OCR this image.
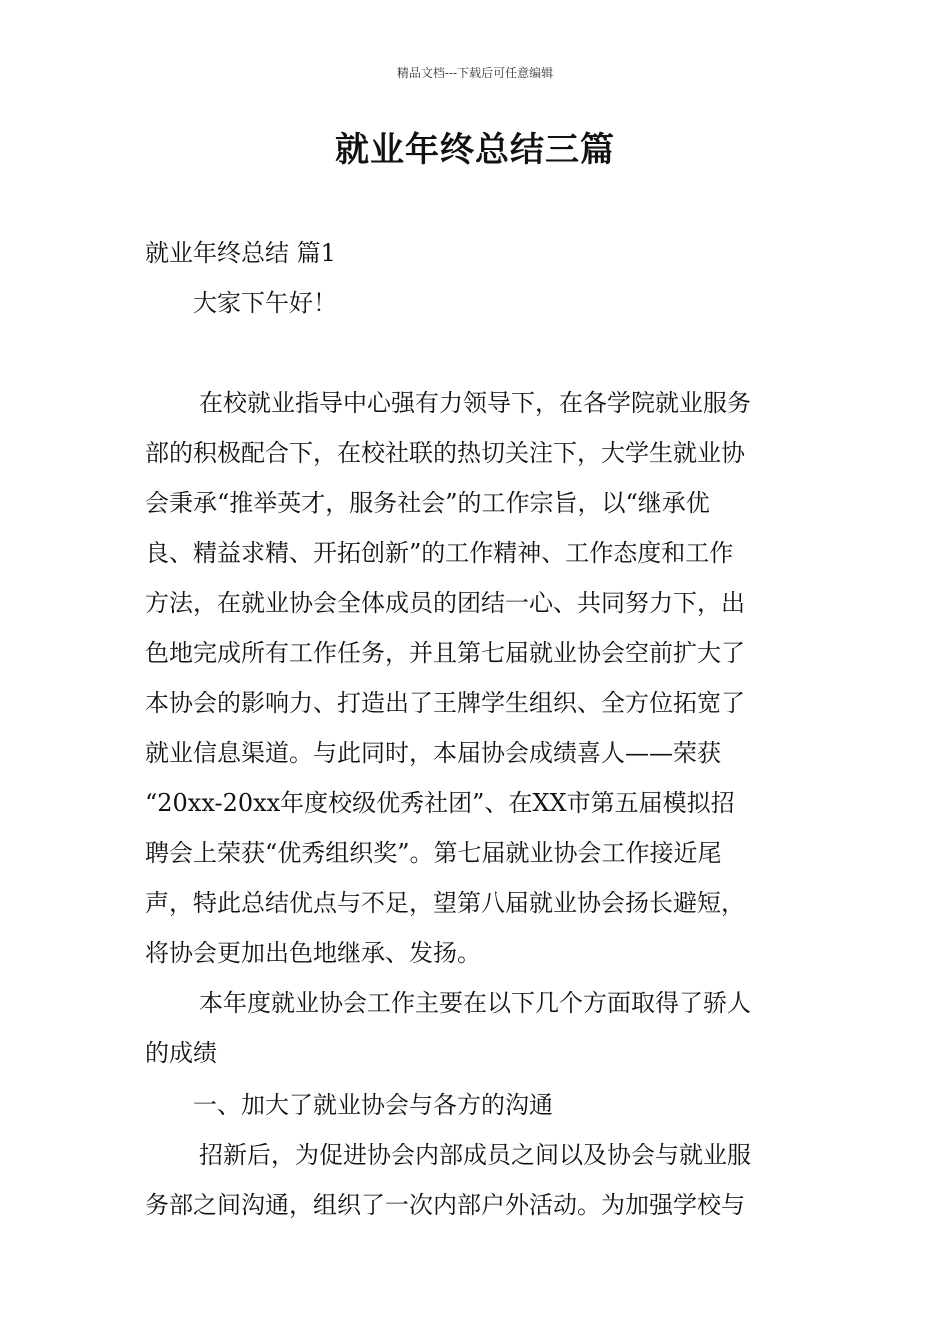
精品文档---下载后可任意编辑
就业年终总结三篇
就业年终总结 篇1
大家下午好！
在校就业指导中心强有力领导下，在各学院就业服务
部的积极配合下，在校社联的热切关注下，大学生就业协
会秉承“推举英才，服务社会”的工作宗旨，以“继承优
良、精益求精、开拓创新”的工作精神、工作态度和工作
方法，在就业协会全体成员的团结一心、共同努力下，出
色地完成所有工作任务，并且第七届就业协会空前扩大了
本协会的影响力、打造出了王牌学生组织、全方位拓宽了
就业信息渠道。与此同时，本届协会成绩喜人——荣获
“20xx-20xx年度校级优秀社团”、在XX市第五届模拟招
聘会上荣获“优秀组织奖”。第七届就业协会工作接近尾
声，特此总结优点与不足，望第八届就业协会扬长避短，
将协会更加出色地继承、发扬。
本年度就业协会工作主要在以下几个方面取得了骄人
的成绩
一、加大了就业协会与各方的沟通
招新后，为促进协会内部成员之间以及协会与就业服
务部之间沟通，组织了一次内部户外活动。为加强学校与
